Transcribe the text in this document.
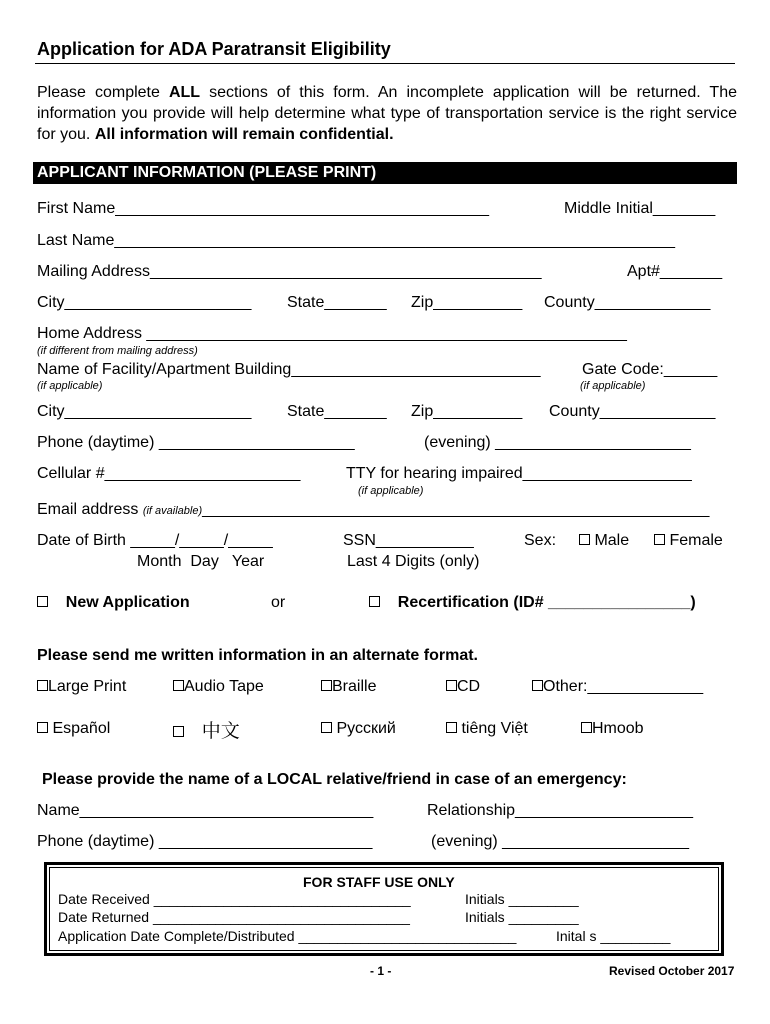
Application for ADA Paratransit Eligibility
Please complete ALL sections of this form. An incomplete application will be returned. The information you provide will help determine what type of transportation service is the right service for you. All information will remain confidential.
APPLICANT INFORMATION (PLEASE PRINT)
First Name__________________________________________	Middle Initial_______
Last Name_______________________________________________________________
Mailing Address____________________________________________	Apt#_______
City_____________________ State_______ Zip__________ County_____________
Home Address ______________________________________________________
(if different from mailing address)
Name of Facility/Apartment Building____________________________	Gate Code:______
(if applicable)	(if applicable)
City_____________________ State_______ Zip__________ County_____________
Phone (daytime) ______________________	(evening) ______________________
Cellular #______________________	TTY for hearing impaired___________________
(if applicable)
Email address (if available)_________________________________________________________
Date of Birth _____/_____/_____
Month  Day   Year
SSN___________
Last 4 Digits (only)
Sex:	Male	Female
New Application	or	Recertification (ID# ________________)
Please send me written information in an alternate format.
Large Print	Audio Tape	Braille	CD	Other:_____________
Español	中文	Русский	tiêng Việt	Hmoob
Please provide the name of a LOCAL relative/friend in case of an emergency:
Name_________________________________	Relationship____________________
Phone (daytime) ________________________	(evening) _____________________
FOR STAFF USE ONLY
Date Received _________________________________	Initials _________
Date Returned _________________________________	Initials _________
Application Date Complete/Distributed ____________________________	Inital s _________
- 1 -	Revised October 2017
